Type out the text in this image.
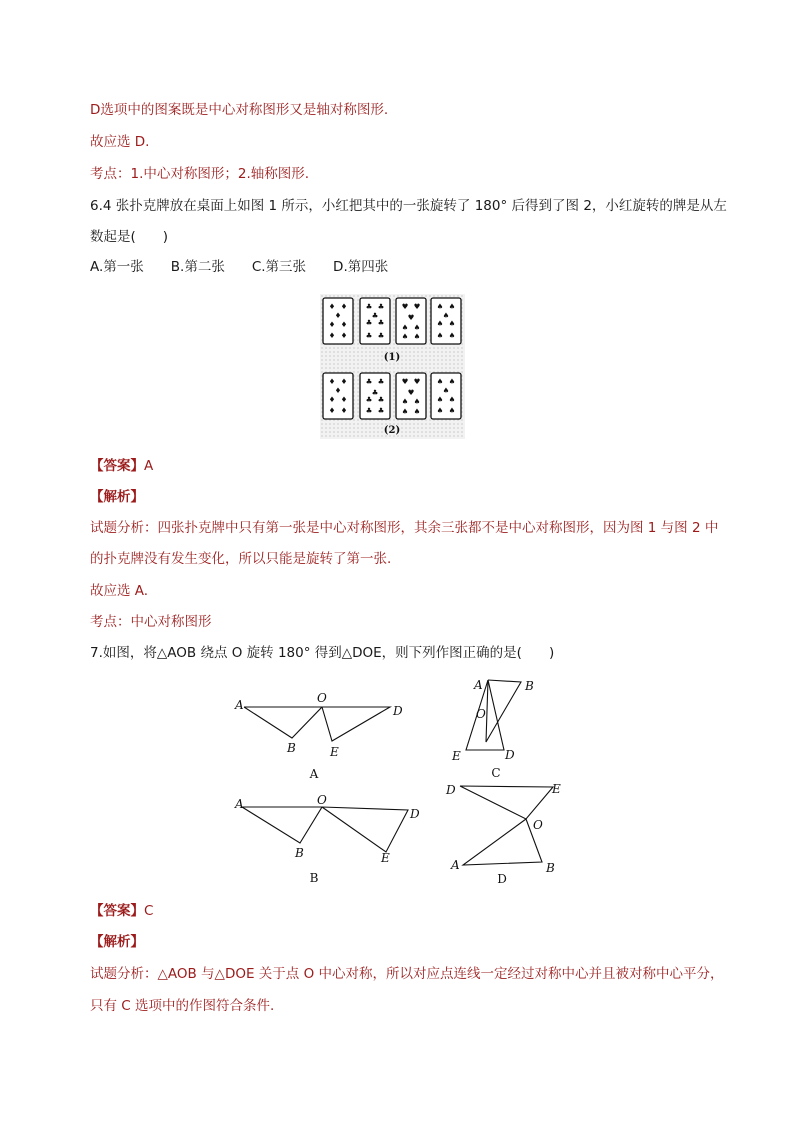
D选项中的图案既是中心对称图形又是轴对称图形.
故应选 D.
考点：1.中心对称图形；2.轴称图形.
6.4 张扑克牌放在桌面上如图 1 所示，小红把其中的一张旋转了 180° 后得到了图 2，小红旋转的牌是从左
数起是(　　)
A.第一张　　B.第二张　　C.第三张　　D.第四张
♦ ♦
♦
♦ ♦
♦ ♦
♣ ♣
♣
♣ ♣
♣ ♣
♥ ♥
♥
♠ ♠
♠ ♠
♠ ♠
♠
♠ ♠
♠ ♠
♦ ♦
♦
♦ ♦
♦ ♦
♣ ♣
♣
♣ ♣
♣ ♣
♥ ♥
♥
♠ ♠
♠ ♠
♠ ♠
♠
♠ ♠
♠ ♠
(1)
(2)
【答案】A
【解析】
试题分析：四张扑克牌中只有第一张是中心对称图形，其余三张都不是中心对称图形，因为图 1 与图 2 中
的扑克牌没有发生变化，所以只能是旋转了第一张.
故应选 A.
考点：中心对称图形
7.如图，将△AOB 绕点 O 旋转 180° 得到△DOE，则下列作图正确的是(　　)
A	O
D
B	E
A	O
D
B	E
A	B
O
E	D
D	E
O
A	B
A
B
C
D
【答案】C
【解析】
试题分析：△AOB 与△DOE 关于点 O 中心对称，所以对应点连线一定经过对称中心并且被对称中心平分，
只有 C 选项中的作图符合条件.
